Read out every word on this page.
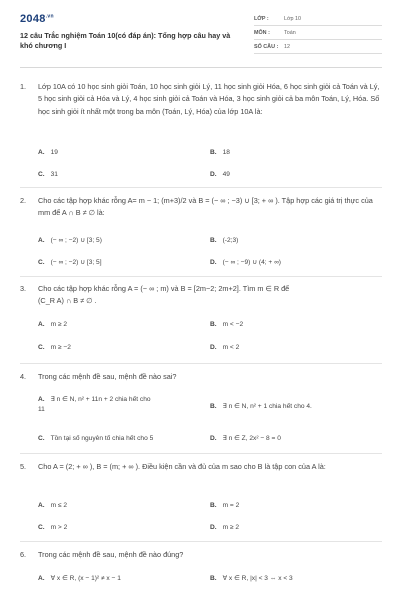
$2048^{.vn}$
12 câu Trắc nghiệm Toán 10(có đáp án): Tổng hợp câu hay và khó chương I
LỚP :	Lớp 10
MÔN :	Toán
SỐ CÂU :	12
1.	Lớp 10A có 10 học sinh giỏi Toán, 10 học sinh giỏi Lý, 11 học sinh giỏi Hóa, 6 học sinh giỏi cả Toán và Lý, 5 học sinh giỏi cả Hóa và Lý, 4 học sinh giỏi cả Toán và Hóa, 3 học sinh giỏi cả ba môn Toán, Lý, Hóa. Số học sinh giỏi ít nhất một trong ba môn (Toán, Lý, Hóa) của lớp 10A là:
A. 19	B. 18
C. 31	D. 49
2.	Cho các tập hợp khác rỗng A= m − 1; (m+3)/2 và B = (− ∞ ; −3) ∪ [3; + ∞ ). Tập hợp các giá trị thực của mm để A ∩ B ≠ ∅ là:
A. (− ∞ ; −2) ∪ [3; 5)	B. (-2;3)
C. (− ∞ ; −2) ∪ [3; 5]	D. (− ∞ ; −9) ∪ (4; + ∞)
3.	Cho các tập hợp khác rỗng A = (− ∞ ; m) và B = [2m−2; 2m+2]. Tìm m ∈ R để
(C_R A) ∩ B ≠ ∅ .
A. m ≥ 2	B. m < −2
C. m ≥ −2	D. m < 2
4.	Trong các mệnh đề sau, mệnh đề nào sai?
A. ∃ n ∈ N, n² + 11n + 2 chia hết cho
11	B. ∃ n ∈ N, n² + 1 chia hết cho 4.
C. Tồn tại số nguyên tố chia hết cho 5	D. ∃ n ∈ Z, 2x² − 8 = 0
5.	Cho A = (2; + ∞ ), B = (m; + ∞ ). Điều kiện cần và đủ của m sao cho B là tập con của A là:
A. m ≤ 2	B. m = 2
C. m > 2	D. m ≥ 2
6.	Trong các mệnh đề sau, mệnh đề nào đúng?
A. ∀ x ∈ R, (x − 1)² ≠ x − 1	B. ∀ x ∈ R, |x| < 3 ⇔ x < 3
